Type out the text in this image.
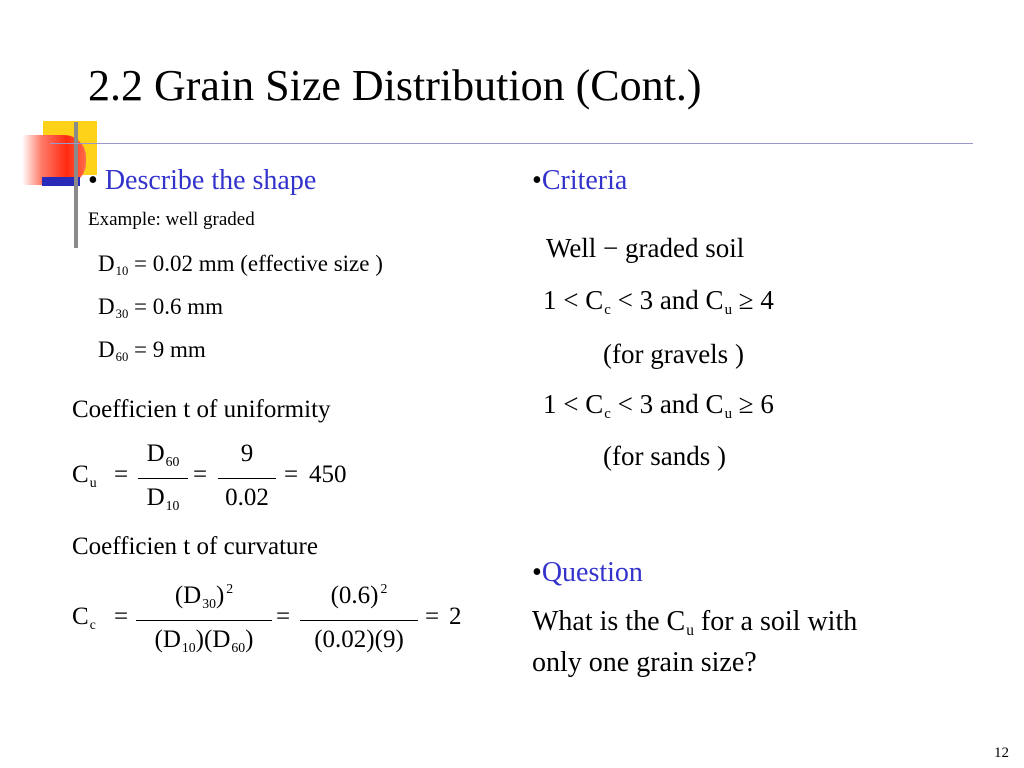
2.2 Grain Size Distribution (Cont.)
• Describe the shape
Example: well graded
D10 = 0.02 mm (effective size )
D30 = 0.6 mm
D60 = 9 mm
Coefficien t of uniformity
Cu =
D60
D10
=
9
0.02
= 450
Coefficien t of curvature
Cc =
(D30) $^2$
(D10)(D60)
=
(0.6) $^2$
(0.02)(9)
= 2
•Criteria
Well − graded soil
1 < Cc < 3 and Cu ≥ 4
(for gravels )
1 < Cc < 3 and Cu ≥ 6
(for sands )
•Question
What is the Cu for a soil with
only one grain size?
12
